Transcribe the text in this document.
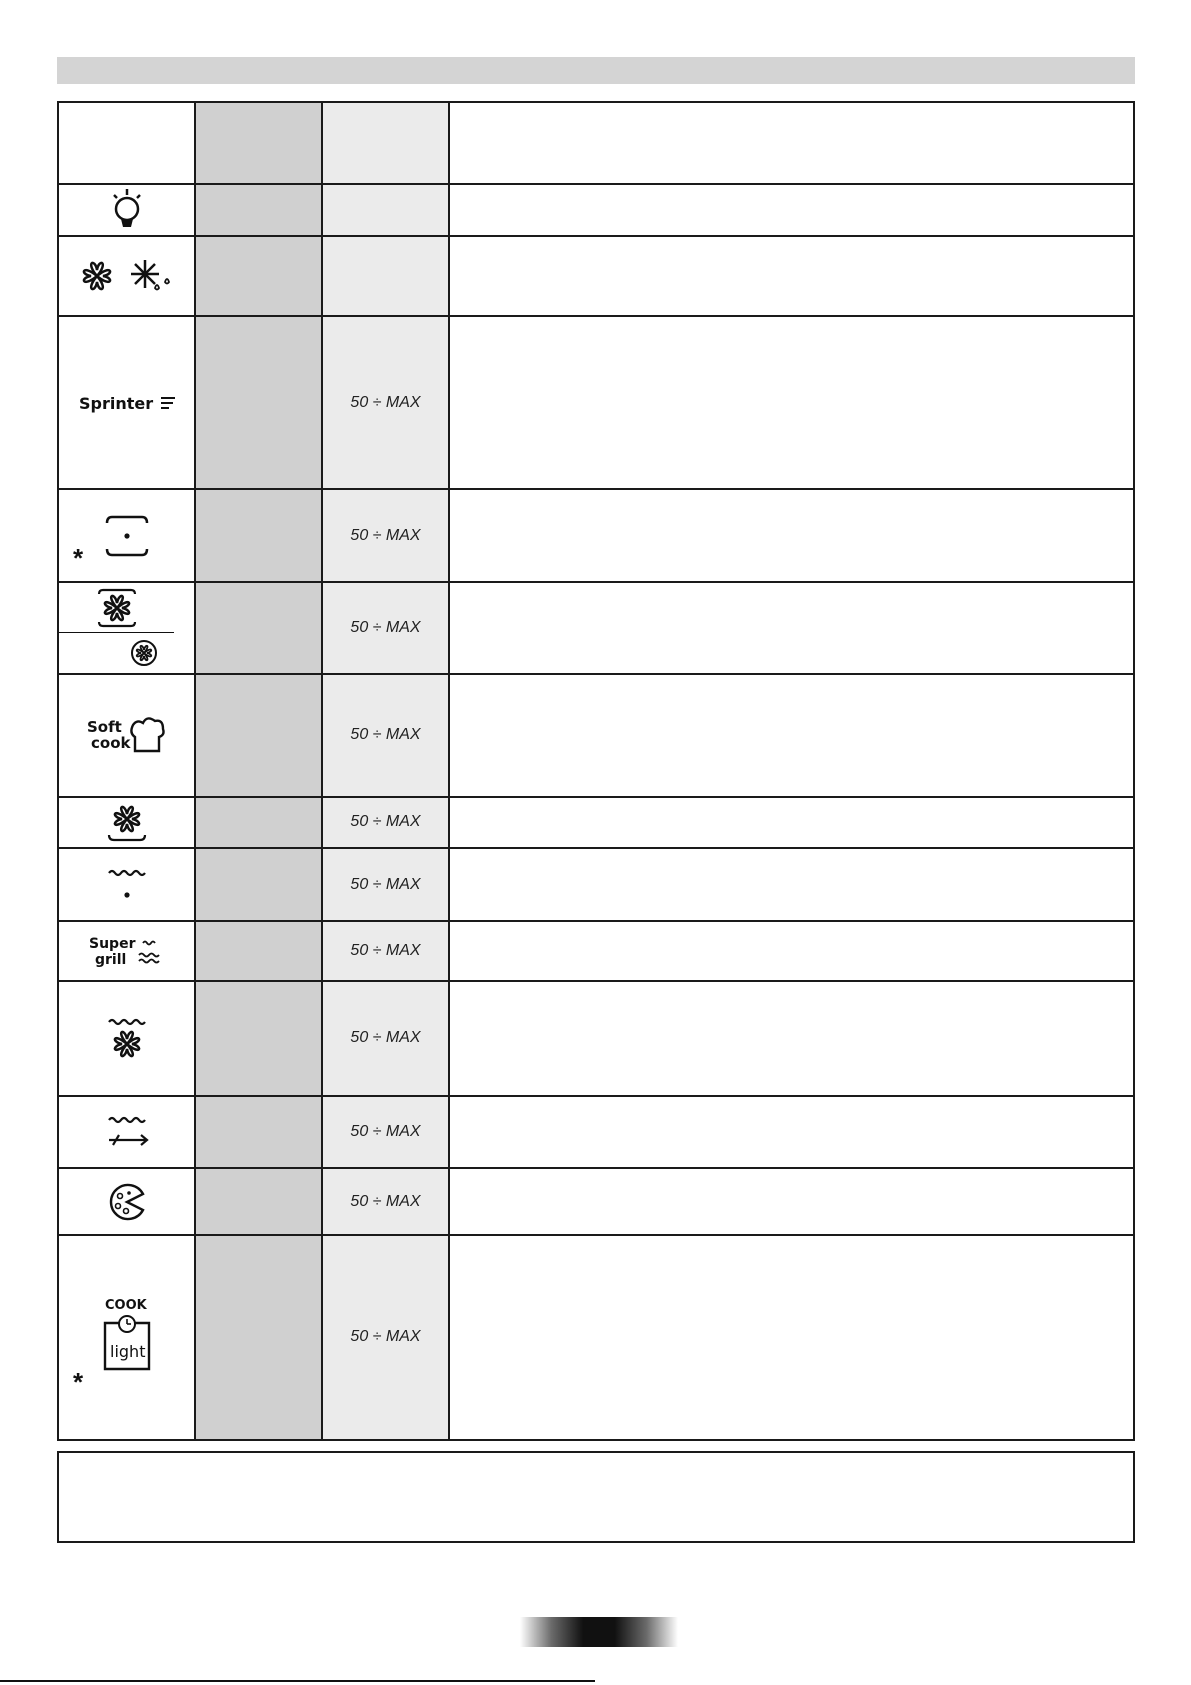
Sprinter		50 ÷ MAX	

*		50 ÷ MAX	

		50 ÷ MAX	

Soft
cook		50 ÷ MAX	

		50 ÷ MAX	

		50 ÷ MAX	

Super
grill		50 ÷ MAX	

		50 ÷ MAX	

		50 ÷ MAX	

		50 ÷ MAX	

COOK
light
*		50 ÷ MAX	
